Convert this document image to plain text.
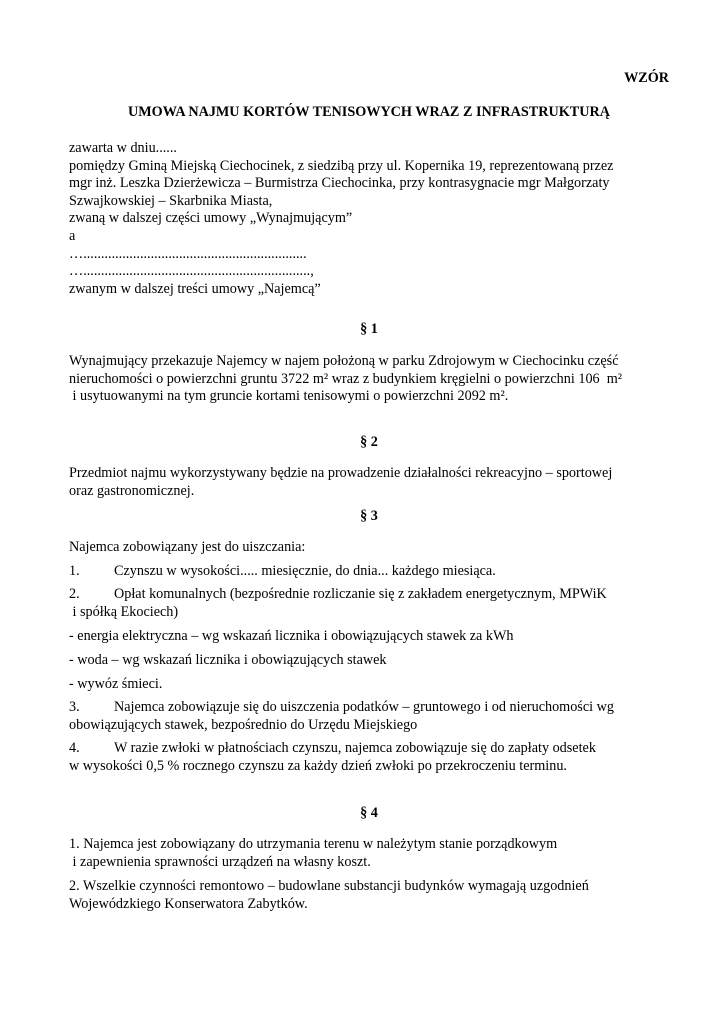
WZÓR
UMOWA NAJMU KORTÓW TENISOWYCH WRAZ Z INFRASTRUKTURĄ
zawarta w dniu......
pomiędzy Gminą Miejską Ciechocinek, z siedzibą przy ul. Kopernika 19, reprezentowaną przez
mgr inż. Leszka Dzierżewicza – Burmistrza Ciechocinka, przy kontrasygnacie mgr Małgorzaty
Szwajkowskiej – Skarbnika Miasta,
zwaną w dalszej części umowy „Wynajmującym”
a
…...............................................................
…................................................................,
zwanym w dalszej treści umowy „Najemcą”
§ 1
Wynajmujący przekazuje Najemcy w najem położoną w parku Zdrojowym w Ciechocinku część
nieruchomości o powierzchni gruntu 3722 m² wraz z budynkiem kręgielni o powierzchni 106  m²
i usytuowanymi na tym gruncie kortami tenisowymi o powierzchni 2092 m².
§ 2
Przedmiot najmu wykorzystywany będzie na prowadzenie działalności rekreacyjno – sportowej
oraz gastronomicznej.
§ 3
Najemca zobowiązany jest do uiszczania:
1. Czynszu w wysokości..... miesięcznie, do dnia... każdego miesiąca.
2. Opłat komunalnych (bezpośrednie rozliczanie się z zakładem energetycznym, MPWiK
i spółką Ekociech)
- energia elektryczna – wg wskazań licznika i obowiązujących stawek za kWh
- woda – wg wskazań licznika i obowiązujących stawek
- wywóz śmieci.
3. Najemca zobowiązuje się do uiszczenia podatków – gruntowego i od nieruchomości wg
obowiązujących stawek, bezpośrednio do Urzędu Miejskiego
4. W razie zwłoki w płatnościach czynszu, najemca zobowiązuje się do zapłaty odsetek
w wysokości 0,5 % rocznego czynszu za każdy dzień zwłoki po przekroczeniu terminu.
§ 4
1. Najemca jest zobowiązany do utrzymania terenu w należytym stanie porządkowym
i zapewnienia sprawności urządzeń na własny koszt.
2. Wszelkie czynności remontowo – budowlane substancji budynków wymagają uzgodnień
Wojewódzkiego Konserwatora Zabytków.
